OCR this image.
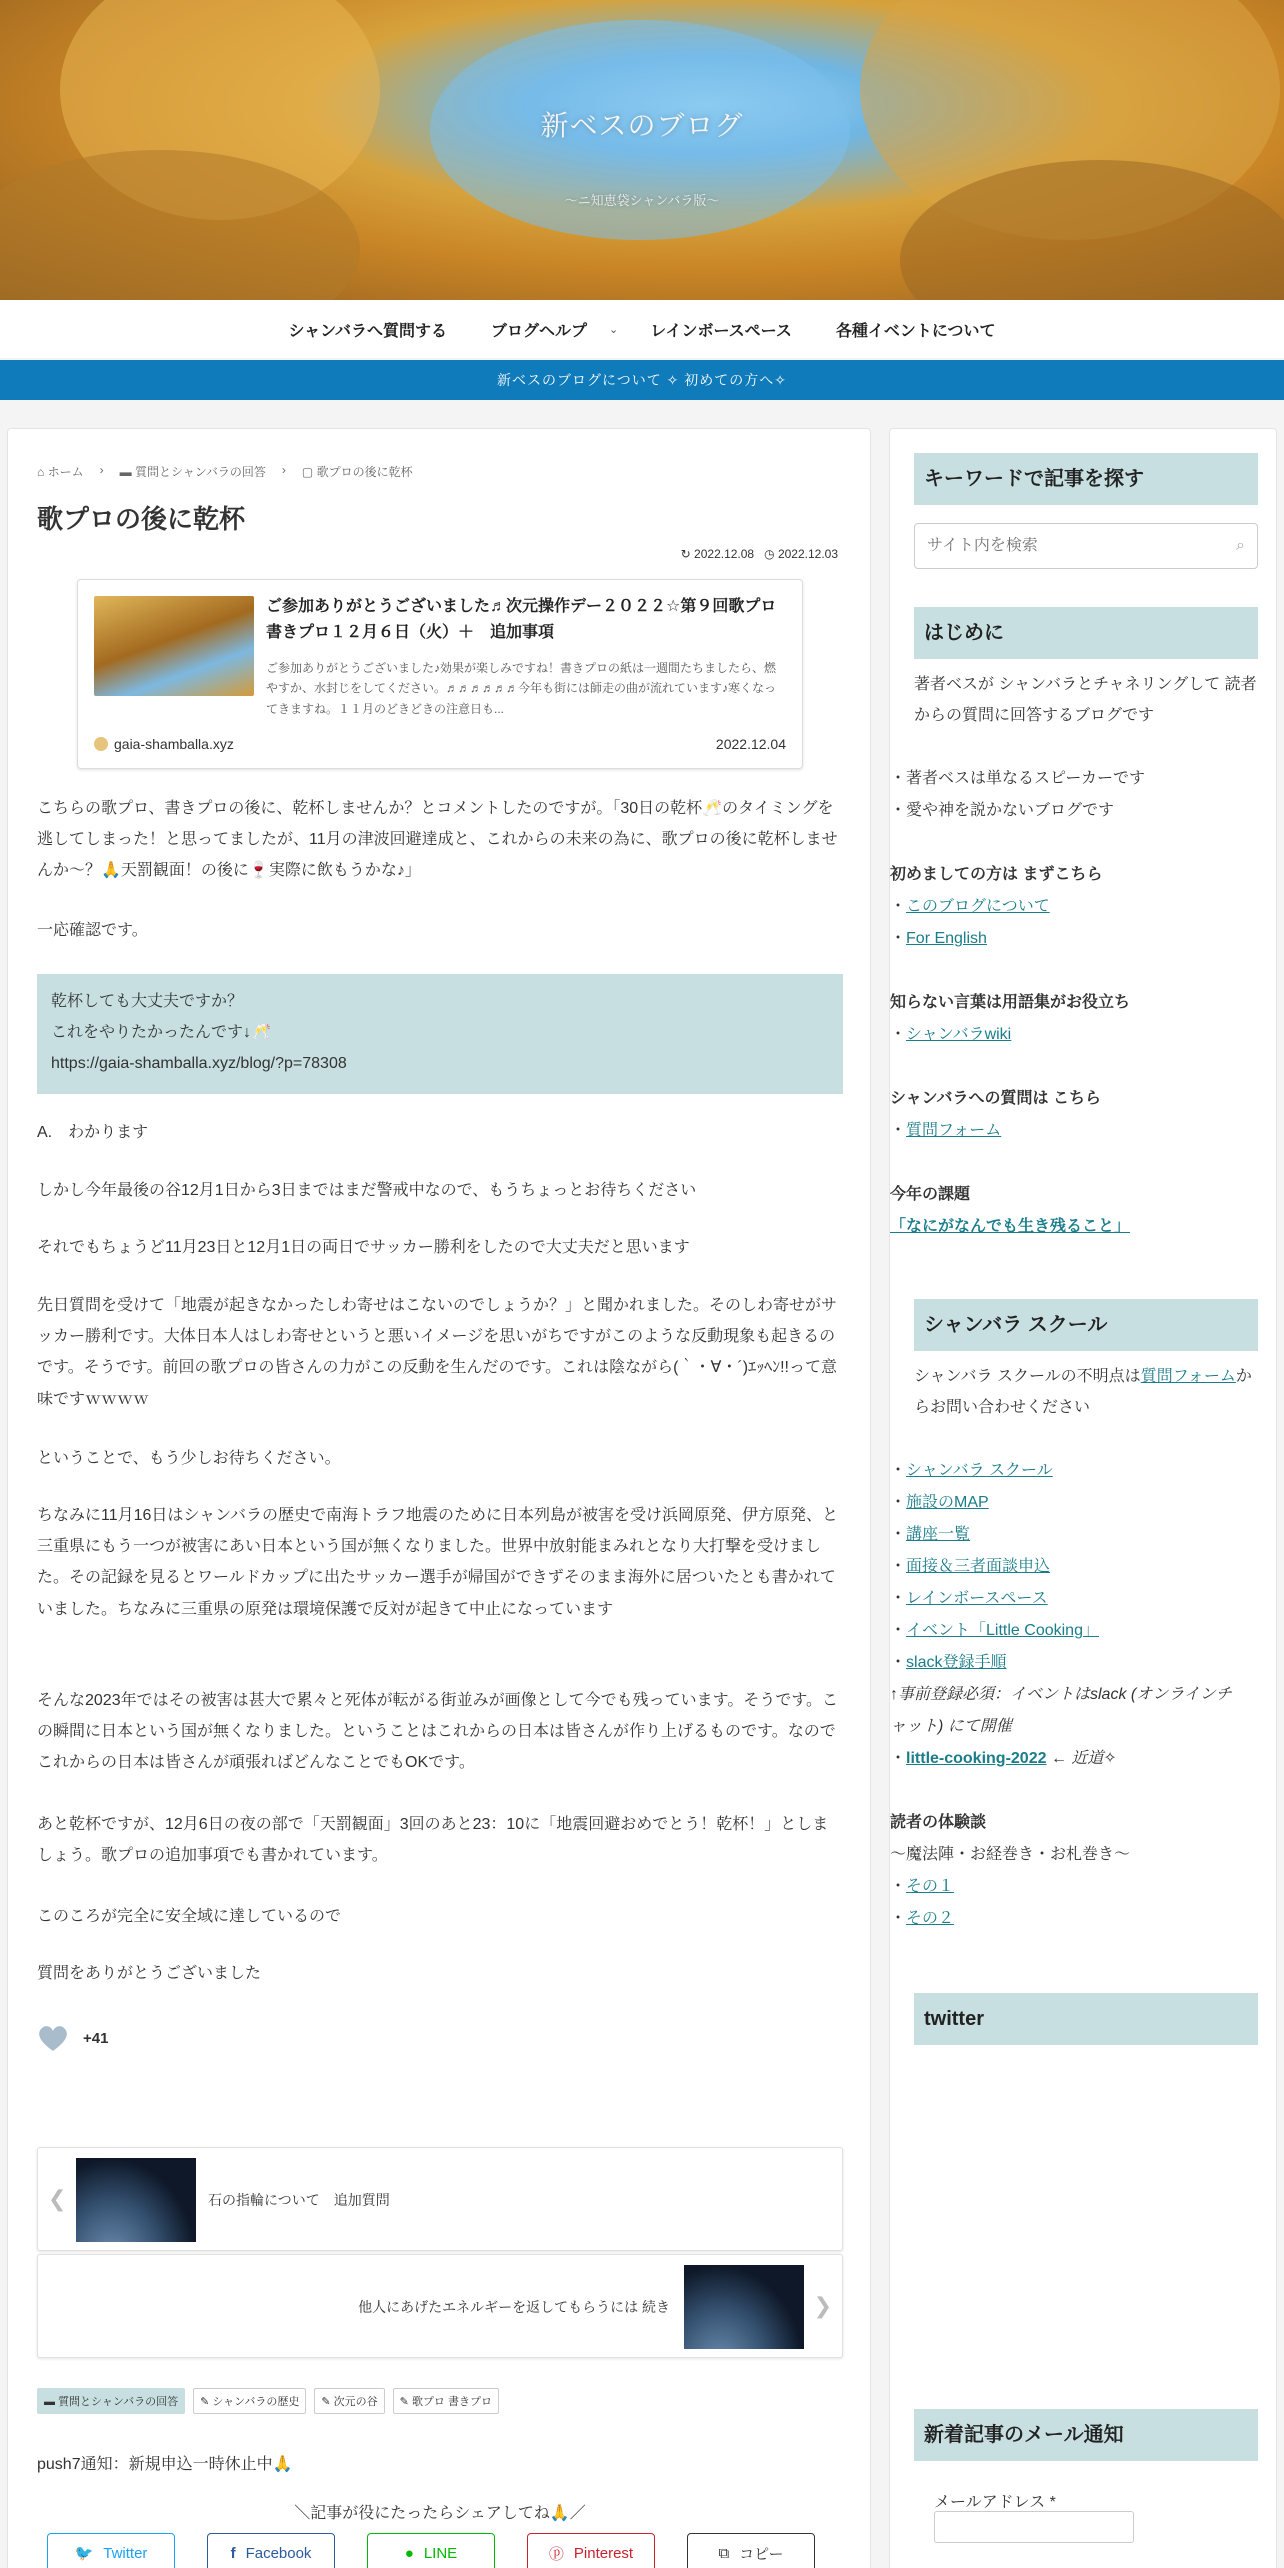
新ベスのブログ
〜ニ知恵袋シャンバラ版〜
シャンバラへ質問する	ブログヘルプ ⌄	レインボースペース	各種イベントについて
新ベスのブログについて ✧ 初めての方へ✧
⌂ ホーム › ▬ 質問とシャンバラの回答 › ▢ 歌プロの後に乾杯
歌プロの後に乾杯
↻ 2022.12.08 ◷ 2022.12.03
ご参加ありがとうございました♬次元操作デー２０２２☆第９回歌プロ書きプロ１２月６日（火）＋　追加事項
ご参加ありがとうございました♪効果が楽しみですね！書きプロの紙は一週間たちましたら、燃やすか、水封じをしてください。♬♬♬♬♬♬今年も街には師走の曲が流れています♪寒くなってきますね。１１月のどきどきの注意日も...
gaia-shamballa.xyz	2022.12.04
こちらの歌プロ、書きプロの後に、乾杯しませんか？とコメントしたのですが。「30日の乾杯🥂のタイミングを逃してしまった！と思ってましたが、11月の津波回避達成と、これからの未来の為に、歌プロの後に乾杯しませんか〜？🙏天罰観面！の後に🍷実際に飲もうかな♪」
一応確認です。
乾杯しても大丈夫ですか？
これをやりたかったんです↓🥂
https://gaia-shamballa.xyz/blog/?p=78308
A.　わかります
しかし今年最後の谷12月1日から3日まではまだ警戒中なので、もうちょっとお待ちください
それでもちょうど11月23日と12月1日の両日でサッカー勝利をしたので大丈夫だと思います
先日質問を受けて「地震が起きなかったしわ寄せはこないのでしょうか？」と聞かれました。そのしわ寄せがサッカー勝利です。大体日本人はしわ寄せというと悪いイメージを思いがちですがこのような反動現象も起きるのです。そうです。前回の歌プロの皆さんの力がこの反動を生んだのです。これは陰ながら(｀・∀・´)ｴｯﾍﾝ!!って意味ですｗｗｗｗ
ということで、もう少しお待ちください。
ちなみに11月16日はシャンバラの歴史で南海トラフ地震のために日本列島が被害を受け浜岡原発、伊方原発、と三重県にもう一つが被害にあい日本という国が無くなりました。世界中放射能まみれとなり大打撃を受けました。その記録を見るとワールドカップに出たサッカー選手が帰国ができずそのまま海外に居ついたとも書かれていました。ちなみに三重県の原発は環境保護で反対が起きて中止になっています
そんな2023年ではその被害は甚大で累々と死体が転がる街並みが画像として今でも残っています。そうです。この瞬間に日本という国が無くなりました。ということはこれからの日本は皆さんが作り上げるものです。なのでこれからの日本は皆さんが頑張ればどんなことでもOKです。
あと乾杯ですが、12月6日の夜の部で「天罰観面」3回のあと23：10に「地震回避おめでとう！乾杯！」としましょう。歌プロの追加事項でも書かれています。
このころが完全に安全域に達しているので
質問をありがとうございました
+41
❮	石の指輪について　追加質問
他人にあげたエネルギーを返してもらうには 続き	❯
▬ 質問とシャンバラの回答	✎ シャンバラの歴史	✎ 次元の谷	✎ 歌プロ 書きプロ
push7通知：新規申込一時休止中🙏
＼記事が役にたったらシェアしてね🙏／
🐦 Twitter	f Facebook	● LINE	ⓟ Pinterest	⧉ コピー
キーワードで記事を探す
サイト内を検索
⌕
はじめに
著者ベスが シャンバラとチャネリングして 読者からの質問に回答するブログです
・著者ベスは単なるスピーカーです
・愛や神を説かないブログです
初めましての方は まずこちら
・このブログについて
・For English
知らない言葉は用語集がお役立ち
・シャンバラwiki
シャンバラへの質問は こちら
・質問フォーム
今年の課題
「なにがなんでも生き残ること」
シャンバラ スクール
シャンバラ スクールの不明点は質問フォームからお問い合わせください
・シャンバラ スクール
・施設のMAP
・講座一覧
・面接＆三者面談申込
・レインボースペース
・イベント「Little Cooking」
・slack登録手順
↑事前登録必須：イベントはslack (オンラインチャット) にて開催
・little-cooking-2022 ← 近道✧
読者の体験談
〜魔法陣・お経巻き・お札巻き〜
・その１
・その２
twitter
新着記事のメール通知
メールアドレス *
